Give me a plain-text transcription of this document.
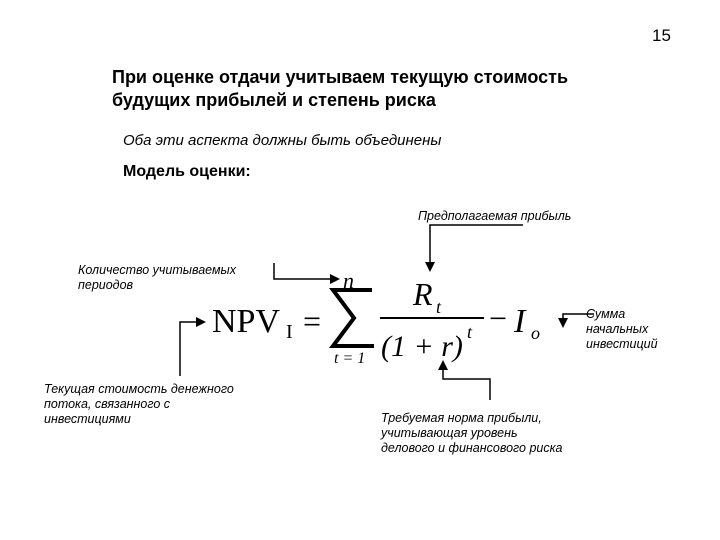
15
При оценке отдачи учитываем текущую стоимость
будущих прибылей и степень риска
Оба эти аспекта должны быть объединены
Модель оценки:
NPV I =
n
t = 1
R t
(1 + r) t − I o
Предполагаемая прибыль
Количество учитываемых
периодов
Сумма
начальных
инвестиций
Текущая стоимость денежного
потока, связанного с
инвестициями	Требуемая норма прибыли,
учитывающая уровень
делового и финансового риска
